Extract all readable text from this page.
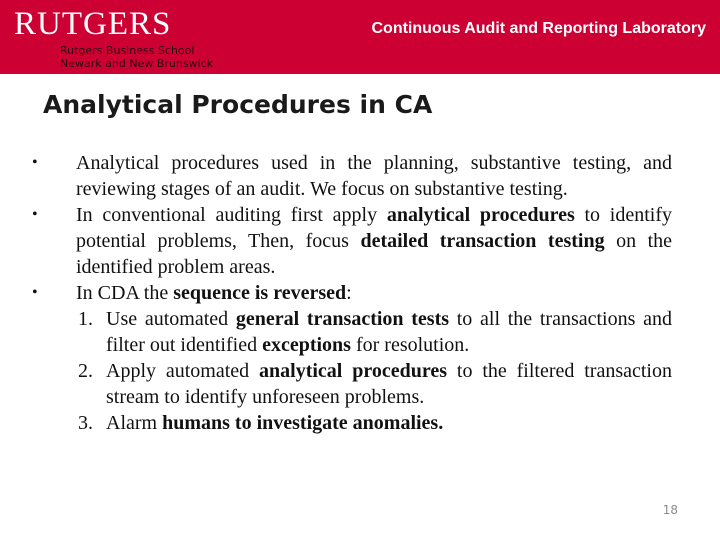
RUTGERS
Rutgers Business School
Newark and New Brunswick
Continuous Audit and Reporting Laboratory
Analytical Procedures in CA
•	Analytical procedures used in the planning, substantive testing, and reviewing stages of an audit. We focus on substantive testing.
•	In conventional auditing first apply analytical procedures to identify potential problems, Then, focus detailed transaction testing on the identified problem areas.
•	In CDA the sequence is reversed:
1. Use automated general transaction tests to all the transactions and filter out identified exceptions for resolution.
2. Apply automated analytical procedures to the filtered transaction stream to identify unforeseen problems.
3. Alarm humans to investigate anomalies.
18
